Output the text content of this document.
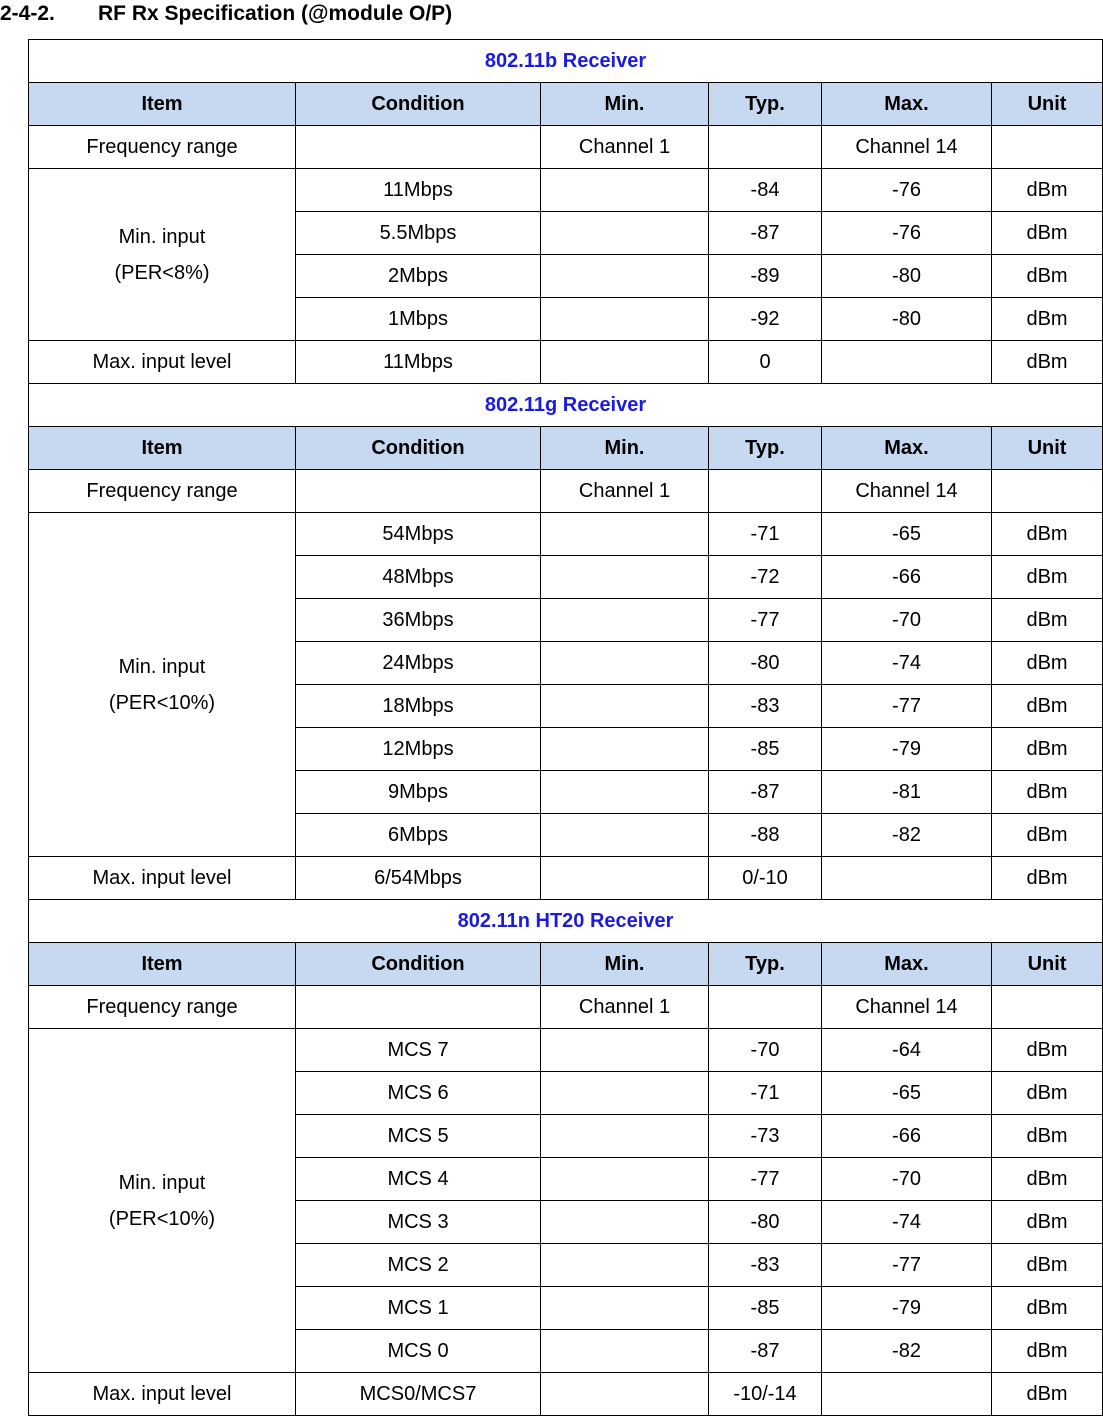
2-4-2. RF Rx Specification (@module O/P)
802.11b Receiver					
Item	Condition	Min.	Typ.	Max.	Unit
Frequency range		Channel 1		Channel 14	

Min. input
(PER<8%)	11Mbps		-84	-76	dBm
	5.5Mbps		-87	-76	dBm
	2Mbps		-89	-80	dBm
	1Mbps		-92	-80	dBm
Max. input level	11Mbps		0		dBm
802.11g Receiver					
Item	Condition	Min.	Typ.	Max.	Unit
Frequency range		Channel 1		Channel 14	

Min. input
(PER<10%)	54Mbps		-71	-65	dBm
	48Mbps		-72	-66	dBm
	36Mbps		-77	-70	dBm
	24Mbps		-80	-74	dBm
	18Mbps		-83	-77	dBm
	12Mbps		-85	-79	dBm
	9Mbps		-87	-81	dBm
	6Mbps		-88	-82	dBm
Max. input level	6/54Mbps		0/-10		dBm
802.11n HT20 Receiver					
Item	Condition	Min.	Typ.	Max.	Unit
Frequency range		Channel 1		Channel 14	

Min. input
(PER<10%)	MCS 7		-70	-64	dBm
	MCS 6		-71	-65	dBm
	MCS 5		-73	-66	dBm
	MCS 4		-77	-70	dBm
	MCS 3		-80	-74	dBm
	MCS 2		-83	-77	dBm
	MCS 1		-85	-79	dBm
	MCS 0		-87	-82	dBm
Max. input level	MCS0/MCS7		-10/-14		dBm
